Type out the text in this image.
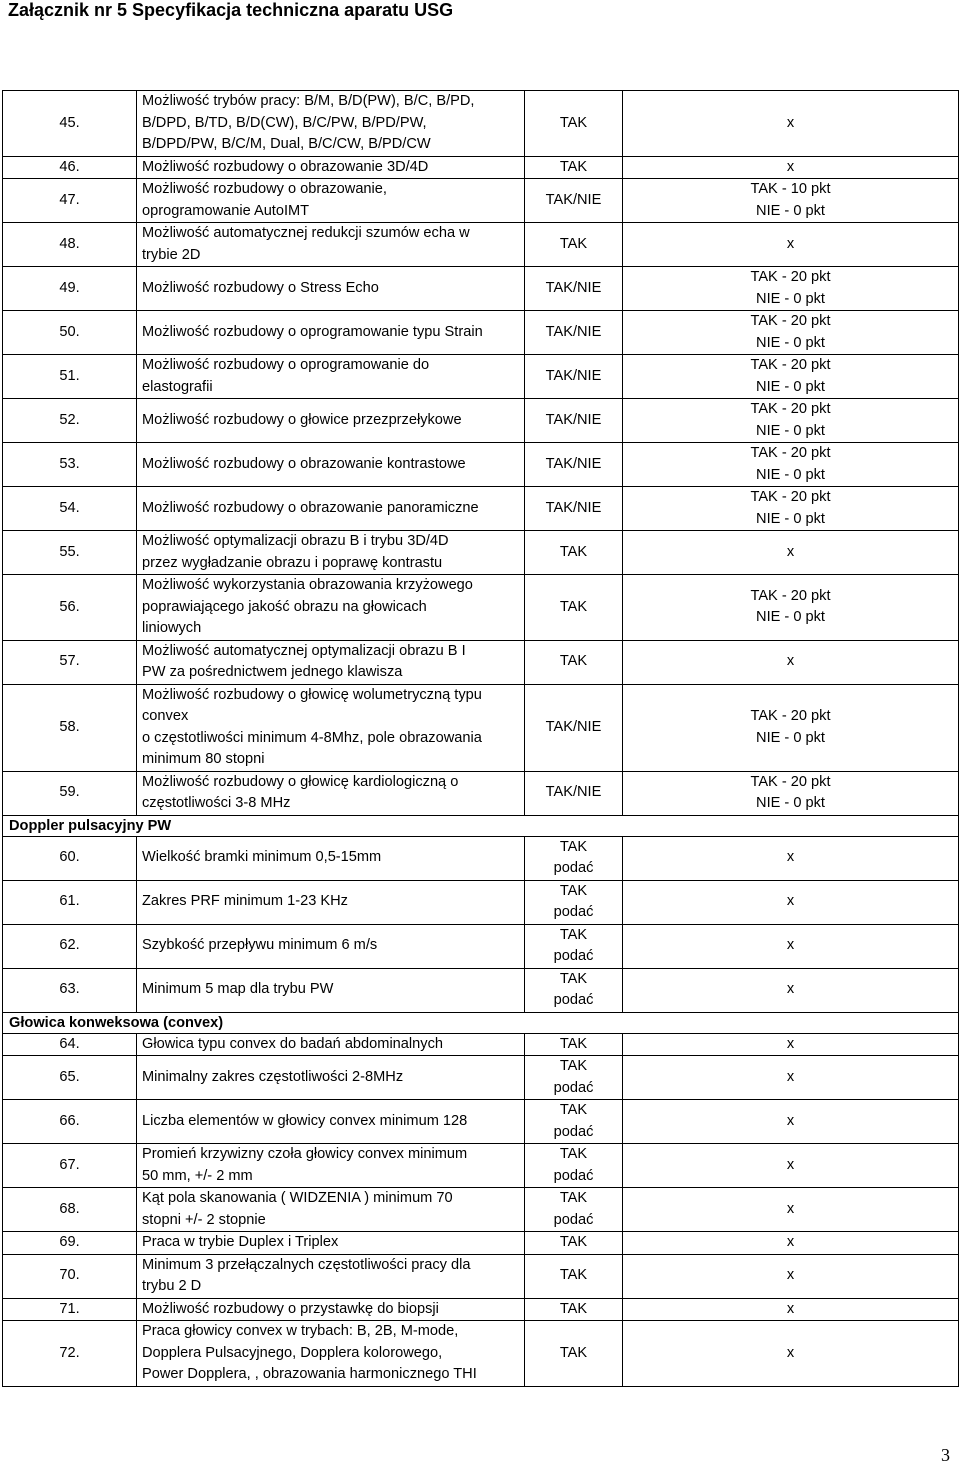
Załącznik nr 5 Specyfikacja techniczna aparatu USG
45.	Możliwość trybów pracy: B/M, B/D(PW), B/C, B/PD,
B/DPD, B/TD, B/D(CW), B/C/PW, B/PD/PW,
B/DPD/PW, B/C/M, Dual, B/C/CW, B/PD/CW	TAK	x
46.	Możliwość rozbudowy o obrazowanie 3D/4D	TAK	x
47.	Możliwość rozbudowy o obrazowanie,
oprogramowanie AutoIMT	TAK/NIE	TAK - 10 pkt
NIE - 0 pkt
48.	Możliwość automatycznej redukcji szumów echa w
trybie 2D	TAK	x
49.	Możliwość rozbudowy o Stress Echo	TAK/NIE	TAK - 20 pkt
NIE - 0 pkt
50.	Możliwość rozbudowy o oprogramowanie typu Strain	TAK/NIE	TAK - 20 pkt
NIE - 0 pkt
51.	Możliwość rozbudowy o oprogramowanie do
elastografii	TAK/NIE	TAK - 20 pkt
NIE - 0 pkt
52.	Możliwość rozbudowy o głowice przezprzełykowe	TAK/NIE	TAK - 20 pkt
NIE - 0 pkt
53.	Możliwość rozbudowy o obrazowanie kontrastowe	TAK/NIE	TAK - 20 pkt
NIE - 0 pkt
54.	Możliwość rozbudowy o obrazowanie panoramiczne	TAK/NIE	TAK - 20 pkt
NIE - 0 pkt
55.	Możliwość optymalizacji obrazu B i trybu 3D/4D
przez wygładzanie obrazu i poprawę kontrastu	TAK	x
56.	Możliwość wykorzystania obrazowania krzyżowego
poprawiającego jakość obrazu na głowicach
liniowych	TAK	TAK - 20 pkt
NIE - 0 pkt
57.	Możliwość automatycznej optymalizacji obrazu B I
PW za pośrednictwem jednego klawisza	TAK	x
58.	Możliwość rozbudowy o głowicę wolumetryczną typu
convex
o częstotliwości minimum 4-8Mhz, pole obrazowania
minimum 80 stopni	TAK/NIE	TAK - 20 pkt
NIE - 0 pkt
59.	Możliwość rozbudowy o głowicę kardiologiczną o
częstotliwości 3-8 MHz	TAK/NIE	TAK - 20 pkt
NIE - 0 pkt
Doppler pulsacyjny PW			
60.	Wielkość bramki minimum 0,5-15mm	TAK
podać	x
61.	Zakres PRF minimum 1-23 KHz	TAK
podać	x
62.	Szybkość przepływu minimum 6 m/s	TAK
podać	x
63.	Minimum 5 map dla trybu PW	TAK
podać	x
Głowica konweksowa (convex)			
64.	Głowica typu convex do badań abdominalnych	TAK	x
65.	Minimalny zakres częstotliwości 2-8MHz	TAK
podać	x
66.	Liczba elementów w głowicy convex minimum 128	TAK
podać	x
67.	Promień krzywizny czoła głowicy convex minimum
50 mm, +/- 2 mm	TAK
podać	x
68.	Kąt pola skanowania ( WIDZENIA ) minimum 70
stopni +/- 2 stopnie	TAK
podać	x
69.	Praca w trybie Duplex i Triplex	TAK	x
70.	Minimum 3 przełączalnych częstotliwości pracy dla
trybu 2 D	TAK	x
71.	Możliwość rozbudowy o przystawkę do biopsji	TAK	x
72.	Praca głowicy convex w trybach: B, 2B, M-mode,
Dopplera Pulsacyjnego, Dopplera kolorowego,
Power Dopplera, , obrazowania harmonicznego THI	TAK	x
3
